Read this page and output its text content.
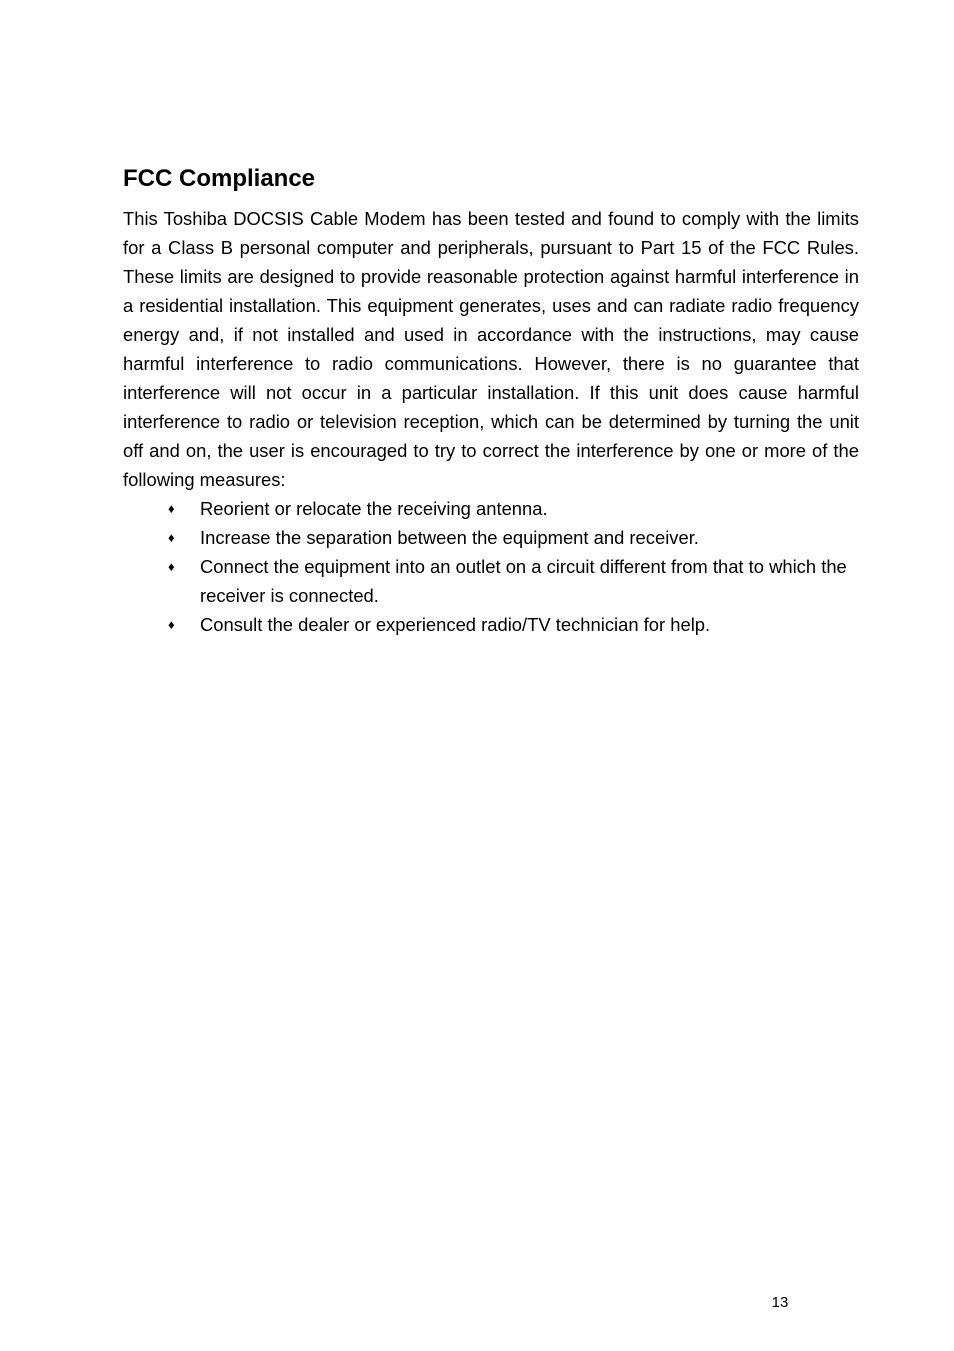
FCC Compliance

This Toshiba DOCSIS Cable Modem has been tested and found to comply with the limits for a Class B personal computer and peripherals, pursuant to Part 15 of the FCC Rules. These limits are designed to provide reasonable protection against harmful interference in a residential installation. This equipment generates, uses and can radiate radio frequency energy and, if not installed and used in accordance with the instructions, may cause harmful interference to radio communications. However, there is no guarantee that interference will not occur in a particular installation. If this unit does cause harmful interference to radio or television reception, which can be determined by turning the unit off and on, the user is encouraged to try to correct the interference by one or more of the following measures:

♦ Reorient or relocate the receiving antenna.
♦ Increase the separation between the equipment and receiver.
♦ Connect the equipment into an outlet on a circuit different from that to which the receiver is connected.
♦ Consult the dealer or experienced radio/TV technician for help.
13
